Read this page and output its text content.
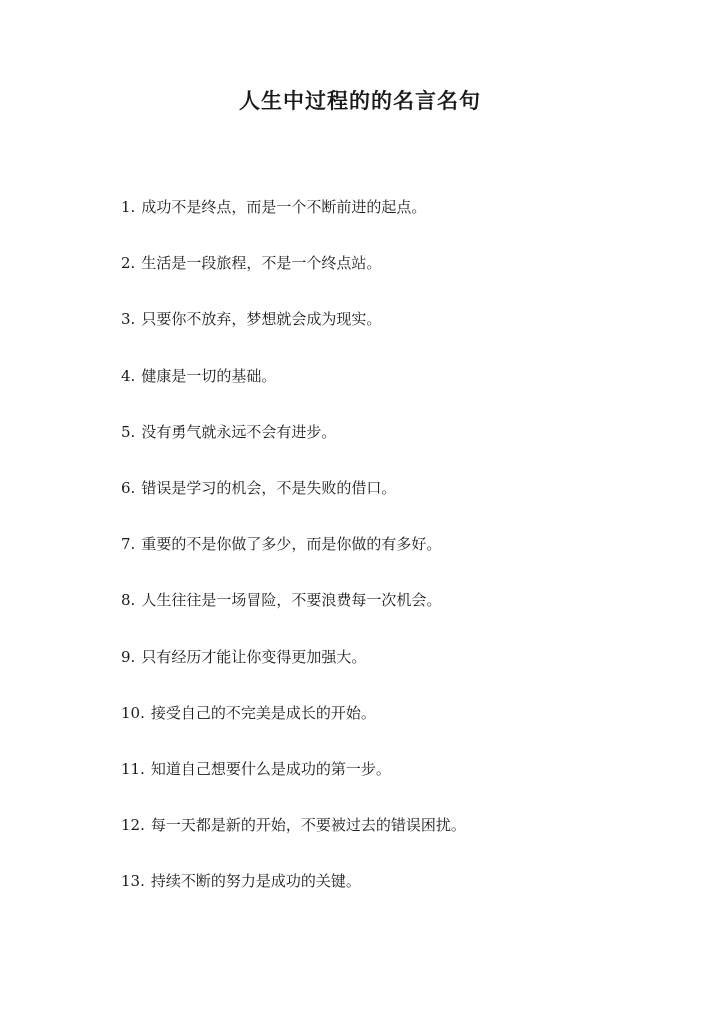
人生中过程的的名言名句
1. 成功不是终点，而是一个不断前进的起点。
2. 生活是一段旅程，不是一个终点站。
3. 只要你不放弃，梦想就会成为现实。
4. 健康是一切的基础。
5. 没有勇气就永远不会有进步。
6. 错误是学习的机会，不是失败的借口。
7. 重要的不是你做了多少，而是你做的有多好。
8. 人生往往是一场冒险，不要浪费每一次机会。
9. 只有经历才能让你变得更加强大。
10. 接受自己的不完美是成长的开始。
11. 知道自己想要什么是成功的第一步。
12. 每一天都是新的开始，不要被过去的错误困扰。
13. 持续不断的努力是成功的关键。
